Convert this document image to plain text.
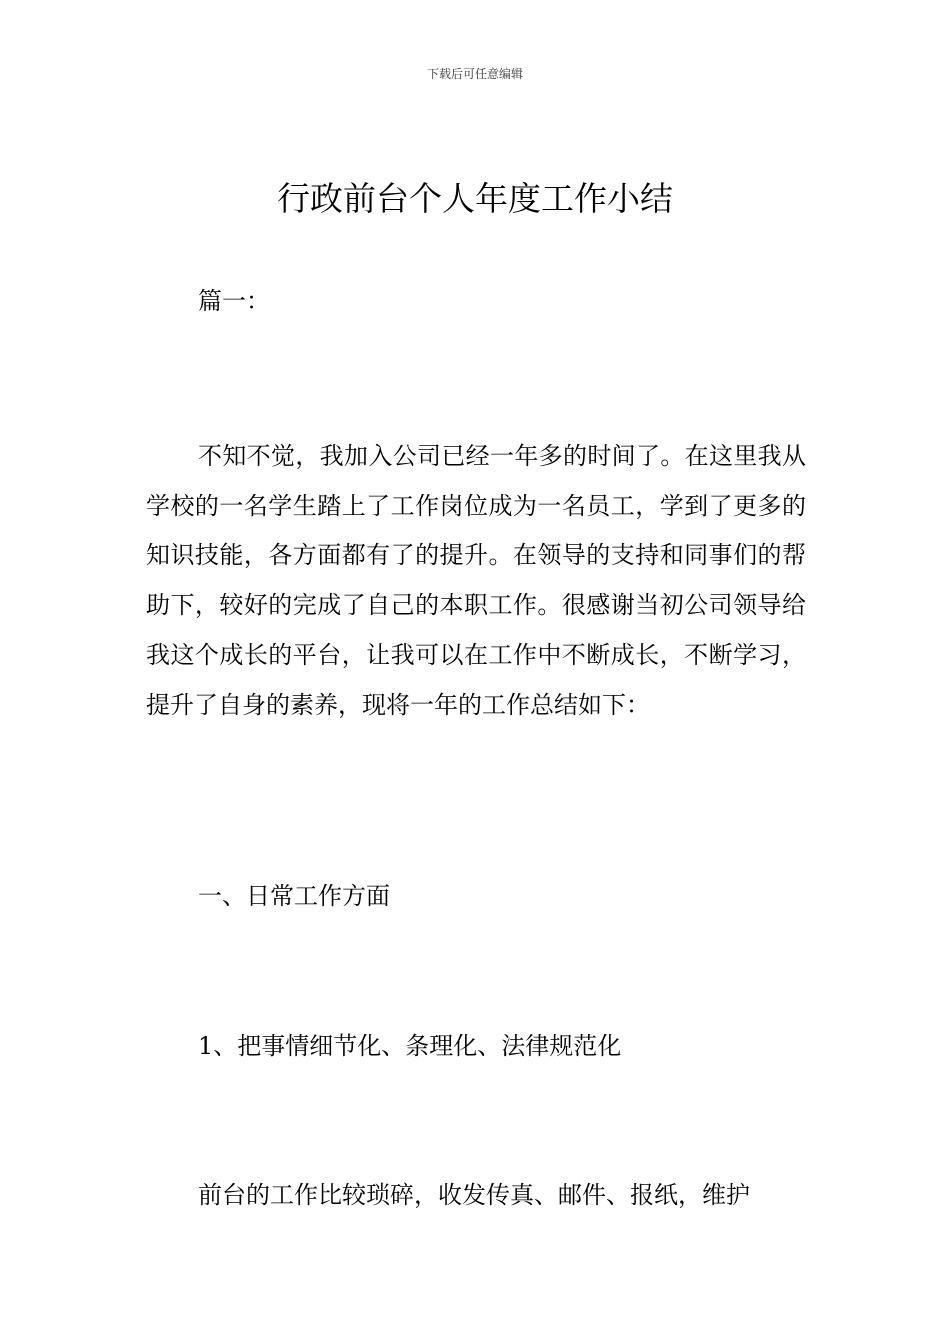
下载后可任意编辑
行政前台个人年度工作小结
篇一：
不知不觉，我加入公司已经一年多的时间了。在这里我从学校的一名学生踏上了工作岗位成为一名员工，学到了更多的知识技能，各方面都有了的提升。在领导的支持和同事们的帮助下，较好的完成了自己的本职工作。很感谢当初公司领导给我这个成长的平台，让我可以在工作中不断成长，不断学习，提升了自身的素养，现将一年的工作总结如下：
一、日常工作方面
1、把事情细节化、条理化、法律规范化
前台的工作比较琐碎，收发传真、邮件、报纸，维护
